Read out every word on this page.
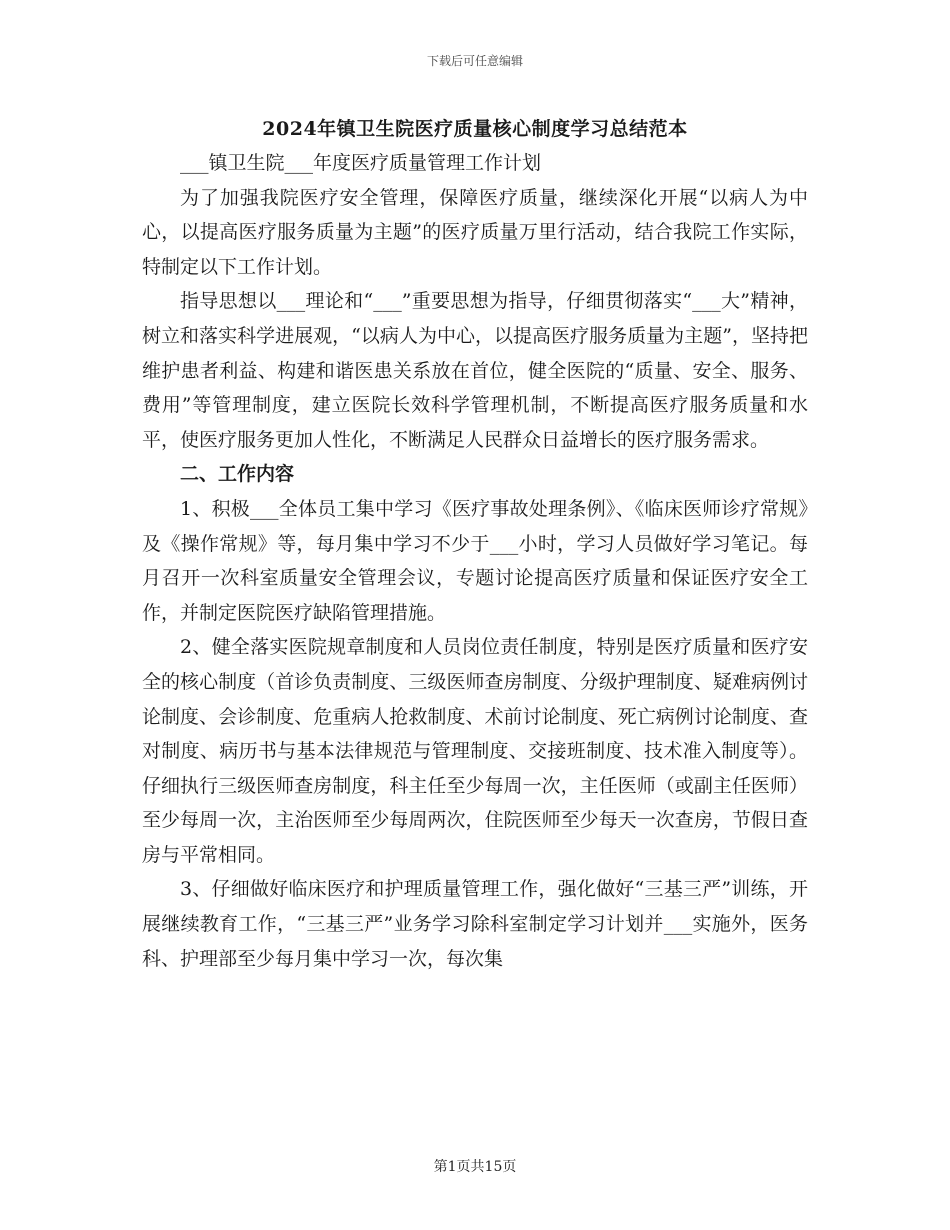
下载后可任意编辑
2024年镇卫生院医疗质量核心制度学习总结范本

___镇卫生院___年度医疗质量管理工作计划

为了加强我院医疗安全管理，保障医疗质量，继续深化开展“以病人为中心，以提高医疗服务质量为主题”的医疗质量万里行活动，结合我院工作实际，特制定以下工作计划。

指导思想以___理论和“___”重要思想为指导，仔细贯彻落实“___大”精神，树立和落实科学进展观，“以病人为中心，以提高医疗服务质量为主题”，坚持把维护患者利益、构建和谐医患关系放在首位，健全医院的“质量、安全、服务、费用”等管理制度，建立医院长效科学管理机制，不断提高医疗服务质量和水平，使医疗服务更加人性化，不断满足人民群众日益增长的医疗服务需求。

二、工作内容

1、积极___全体员工集中学习《医疗事故处理条例》、《临床医师诊疗常规》及《操作常规》等，每月集中学习不少于___小时，学习人员做好学习笔记。每月召开一次科室质量安全管理会议，专题讨论提高医疗质量和保证医疗安全工作，并制定医院医疗缺陷管理措施。

2、健全落实医院规章制度和人员岗位责任制度，特别是医疗质量和医疗安全的核心制度（首诊负责制度、三级医师查房制度、分级护理制度、疑难病例讨论制度、会诊制度、危重病人抢救制度、术前讨论制度、死亡病例讨论制度、查对制度、病历书与基本法律规范与管理制度、交接班制度、技术准入制度等）。仔细执行三级医师查房制度，科主任至少每周一次，主任医师（或副主任医师）至少每周一次，主治医师至少每周两次，住院医师至少每天一次查房，节假日查房与平常相同。

3、仔细做好临床医疗和护理质量管理工作，强化做好“三基三严”训练，开展继续教育工作，“三基三严”业务学习除科室制定学习计划并___实施外，医务科、护理部至少每月集中学习一次，每次集

第1页共15页
